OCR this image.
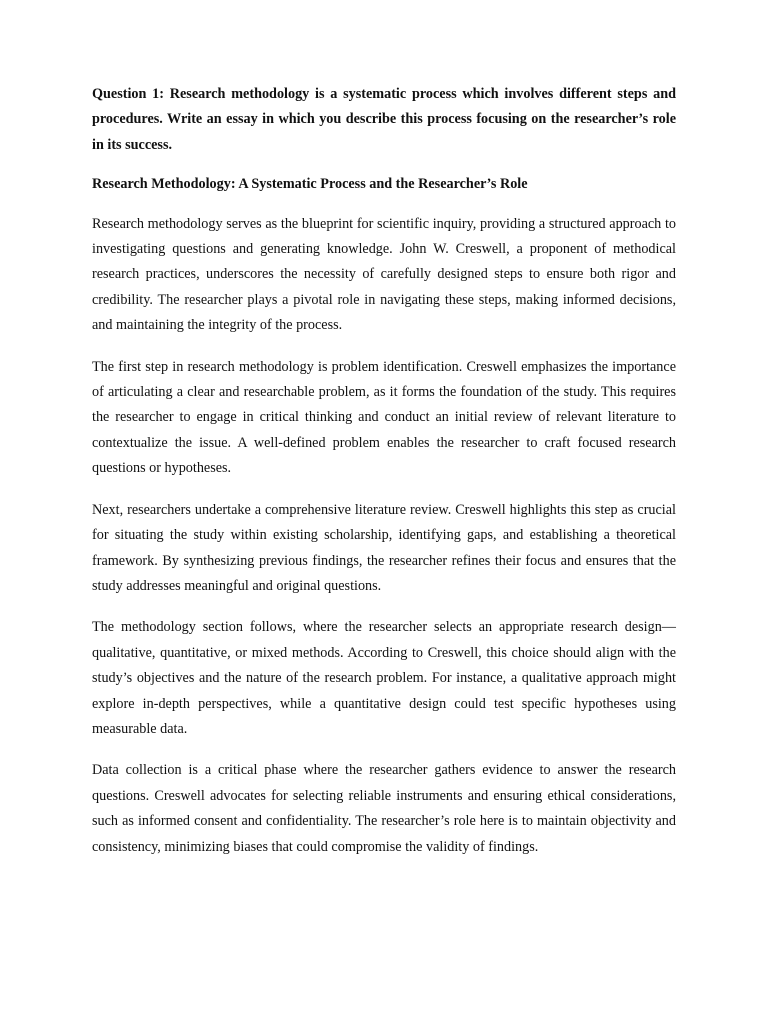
Question 1: Research methodology is a systematic process which involves different steps and procedures. Write an essay in which you describe this process focusing on the researcher’s role in its success.

Research Methodology: A Systematic Process and the Researcher’s Role

Research methodology serves as the blueprint for scientific inquiry, providing a structured approach to investigating questions and generating knowledge. John W. Creswell, a proponent of methodical research practices, underscores the necessity of carefully designed steps to ensure both rigor and credibility. The researcher plays a pivotal role in navigating these steps, making informed decisions, and maintaining the integrity of the process.

The first step in research methodology is problem identification. Creswell emphasizes the importance of articulating a clear and researchable problem, as it forms the foundation of the study. This requires the researcher to engage in critical thinking and conduct an initial review of relevant literature to contextualize the issue. A well-defined problem enables the researcher to craft focused research questions or hypotheses.

Next, researchers undertake a comprehensive literature review. Creswell highlights this step as crucial for situating the study within existing scholarship, identifying gaps, and establishing a theoretical framework. By synthesizing previous findings, the researcher refines their focus and ensures that the study addresses meaningful and original questions.

The methodology section follows, where the researcher selects an appropriate research design—qualitative, quantitative, or mixed methods. According to Creswell, this choice should align with the study’s objectives and the nature of the research problem. For instance, a qualitative approach might explore in-depth perspectives, while a quantitative design could test specific hypotheses using measurable data.

Data collection is a critical phase where the researcher gathers evidence to answer the research questions. Creswell advocates for selecting reliable instruments and ensuring ethical considerations, such as informed consent and confidentiality. The researcher’s role here is to maintain objectivity and consistency, minimizing biases that could compromise the validity of findings.
